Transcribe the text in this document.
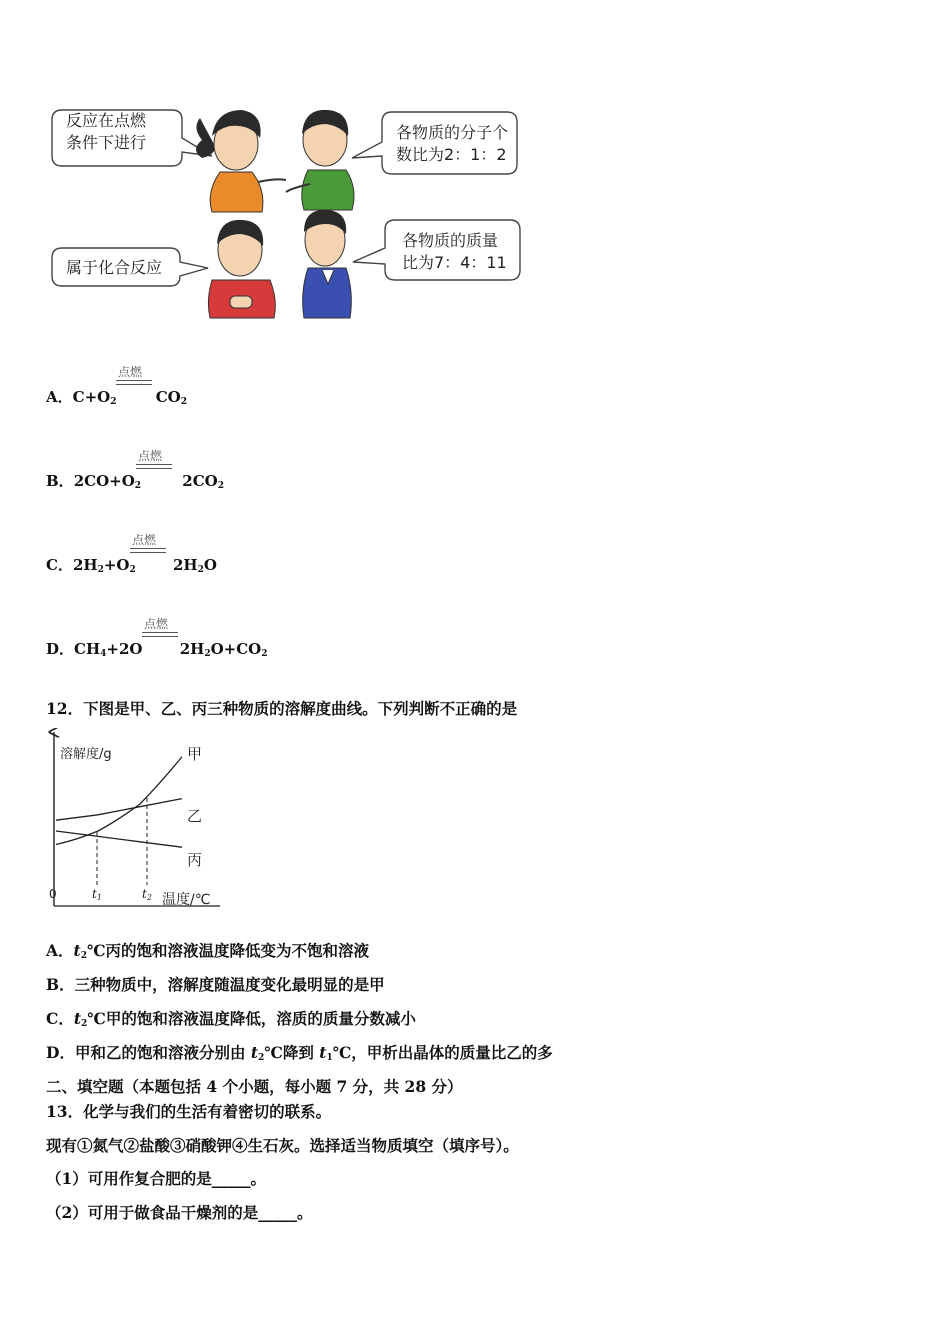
反应在点燃
条件下进行
各物质的分子个
数比为2：1：2
属于化合反应
各物质的质量
比为7：4：11
点燃
A．$C+O_2$	$CO_2$
点燃
B．$2CO+O_2$	$2CO_2$
点燃
C．$2H_2+O_2$ $2H_2O$
点燃
D．$CH_4+2O$ $2H_2O+CO_2$
12．下图是甲、乙、丙三种物质的溶解度曲线。下列判断不正确的是
溶解度/g
温度/℃
0	t1	t2
甲
乙
丙
A．$t_2℃$丙的饱和溶液温度降低变为不饱和溶液
B．三种物质中，溶解度随温度变化最明显的是甲
C．$t_2℃$甲的饱和溶液温度降低，溶质的质量分数减小
D．甲和乙的饱和溶液分别由 $t_2℃$降到 $t_1℃$，甲析出晶体的质量比乙的多
二、填空题（本题包括 4 个小题，每小题 7 分，共 28 分）
13．化学与我们的生活有着密切的联系。
现有①氮气②盐酸③硝酸钾④生石灰。选择适当物质填空（填序号）。
（1）可用作复合肥的是_____。
（2）可用于做食品干燥剂的是_____。
